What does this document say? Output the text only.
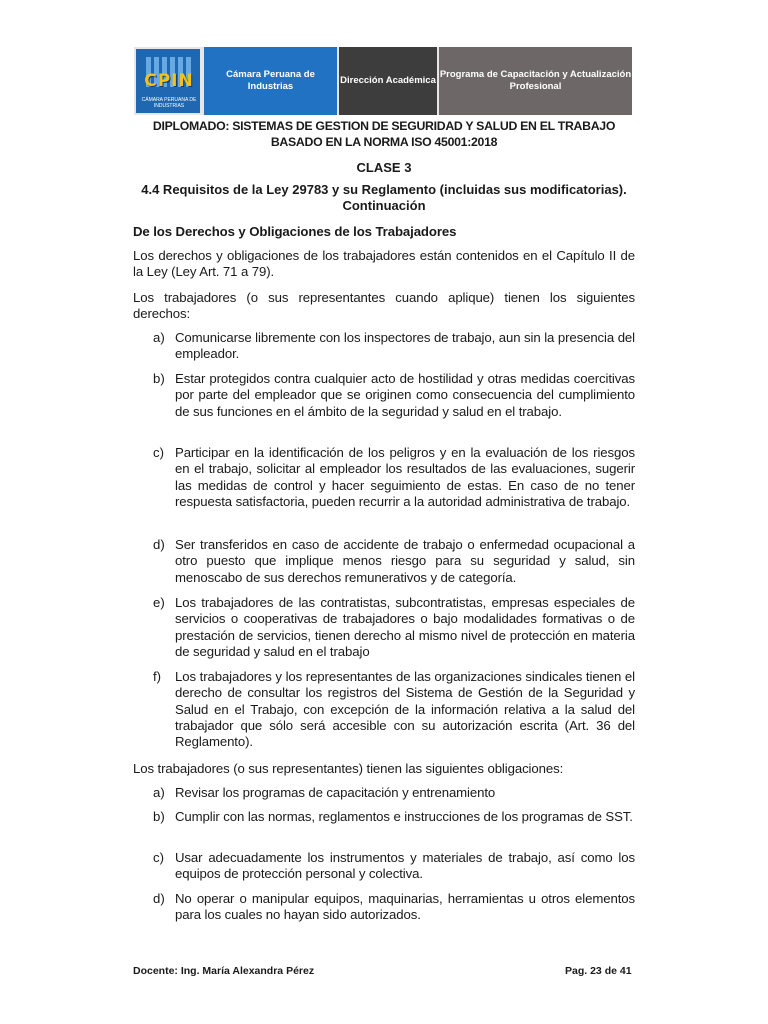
CPIN
CÁMARA PERUANA DE INDUSTRIAS
Cámara Peruana de Industrias
Dirección Académica
Programa de Capacitación y Actualización Profesional
DIPLOMADO: SISTEMAS DE GESTION DE SEGURIDAD Y SALUD EN EL TRABAJO BASADO EN LA NORMA ISO 45001:2018
CLASE 3
4.4 Requisitos de la Ley 29783 y su Reglamento (incluidas sus modificatorias). Continuación
De los Derechos y Obligaciones de los Trabajadores

Los derechos y obligaciones de los trabajadores están contenidos en el Capítulo II de la Ley (Ley Art. 71 a 79).

Los trabajadores (o sus representantes cuando aplique) tienen los siguientes derechos:

a) Comunicarse libremente con los inspectores de trabajo, aun sin la presencia del empleador.
b) Estar protegidos contra cualquier acto de hostilidad y otras medidas coercitivas por parte del empleador que se originen como consecuencia del cumplimiento de sus funciones en el ámbito de la seguridad y salud en el trabajo.
c) Participar en la identificación de los peligros y en la evaluación de los riesgos en el trabajo, solicitar al empleador los resultados de las evaluaciones, sugerir las medidas de control y hacer seguimiento de estas. En caso de no tener respuesta satisfactoria, pueden recurrir a la autoridad administrativa de trabajo.
d) Ser transferidos en caso de accidente de trabajo o enfermedad ocupacional a otro puesto que implique menos riesgo para su seguridad y salud, sin menoscabo de sus derechos remunerativos y de categoría.
e) Los trabajadores de las contratistas, subcontratistas, empresas especiales de servicios o cooperativas de trabajadores o bajo modalidades formativas o de prestación de servicios, tienen derecho al mismo nivel de protección en materia de seguridad y salud en el trabajo
f) Los trabajadores y los representantes de las organizaciones sindicales tienen el derecho de consultar los registros del Sistema de Gestión de la Seguridad y Salud en el Trabajo, con excepción de la información relativa a la salud del trabajador que sólo será accesible con su autorización escrita (Art. 36 del Reglamento).

Los trabajadores (o sus representantes) tienen las siguientes obligaciones:

a) Revisar los programas de capacitación y entrenamiento
b) Cumplir con las normas, reglamentos e instrucciones de los programas de SST.
c) Usar adecuadamente los instrumentos y materiales de trabajo, así como los equipos de protección personal y colectiva.
d) No operar o manipular equipos, maquinarias, herramientas u otros elementos para los cuales no hayan sido autorizados.
Docente: Ing. María Alexandra Pérez	Pag. 23 de 41
